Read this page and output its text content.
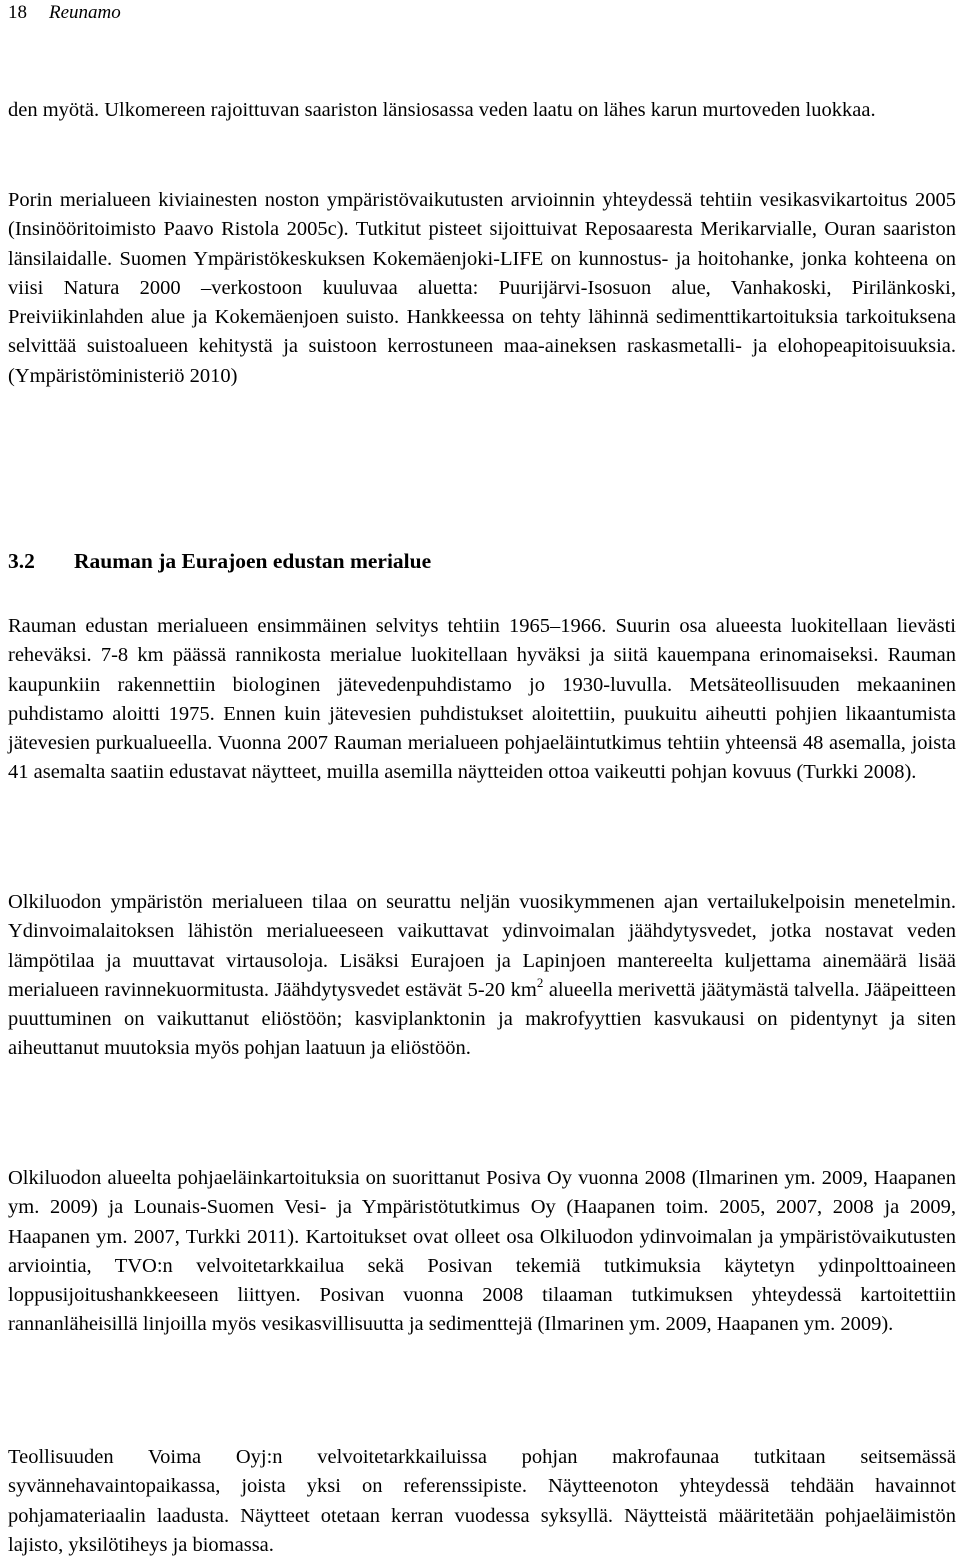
18 Reunamo

den myötä. Ulkomereen rajoittuvan saariston länsiosassa veden laatu on lähes karun murtoveden luokkaa.

Porin merialueen kiviainesten noston ympäristövaikutusten arvioinnin yhteydessä tehtiin vesikasvikartoitus 2005 (Insinööritoimisto Paavo Ristola 2005c). Tutkitut pisteet sijoittuivat Reposaaresta Merikarvialle, Ouran saariston länsilaidalle. Suomen Ympäristökeskuksen Kokemäenjoki-LIFE on kunnostus- ja hoitohanke, jonka kohteena on viisi Natura 2000 –verkostoon kuuluvaa aluetta: Puurijärvi-Isosuon alue, Vanhakoski, Pirilänkoski, Preiviikinlahden alue ja Kokemäenjoen suisto. Hankkeessa on tehty lähinnä sedimenttikartoituksia tarkoituksena selvittää suistoalueen kehitystä ja suistoon kerrostuneen maa-aineksen raskasmetalli- ja elohopeapitoisuuksia. (Ympäristöministeriö 2010)

3.2 Rauman ja Eurajoen edustan merialue

Rauman edustan merialueen ensimmäinen selvitys tehtiin 1965–1966. Suurin osa alueesta luokitellaan lievästi reheväksi. 7-8 km päässä rannikosta merialue luokitellaan hyväksi ja siitä kauempana erinomaiseksi. Rauman kaupunkiin rakennettiin biologinen jätevedenpuhdistamo jo 1930-luvulla. Metsäteollisuuden mekaaninen puhdistamo aloitti 1975. Ennen kuin jätevesien puhdistukset aloitettiin, puukuitu aiheutti pohjien likaantumista jätevesien purkualueella. Vuonna 2007 Rauman merialueen pohjaeläintutkimus tehtiin yhteensä 48 asemalla, joista 41 asemalta saatiin edustavat näytteet, muilla asemilla näytteiden ottoa vaikeutti pohjan kovuus (Turkki 2008).

Olkiluodon ympäristön merialueen tilaa on seurattu neljän vuosikymmenen ajan vertailukelpoisin menetelmin. Ydinvoimalaitoksen lähistön merialueeseen vaikuttavat ydinvoimalan jäähdytysvedet, jotka nostavat veden lämpötilaa ja muuttavat virtausoloja. Lisäksi Eurajoen ja Lapinjoen mantereelta kuljettama ainemäärä lisää merialueen ravinnekuormitusta. Jäähdytysvedet estävät 5-20 $km^2$ alueella merivettä jäätymästä talvella. Jääpeitteen puuttuminen on vaikuttanut eliöstöön; kasviplanktonin ja makrofyyttien kasvukausi on pidentynyt ja siten aiheuttanut muutoksia myös pohjan laatuun ja eliöstöön.

Olkiluodon alueelta pohjaeläinkartoituksia on suorittanut Posiva Oy vuonna 2008 (Ilmarinen ym. 2009, Haapanen ym. 2009) ja Lounais-Suomen Vesi- ja Ympäristötutkimus Oy (Haapanen toim. 2005, 2007, 2008 ja 2009, Haapanen ym. 2007, Turkki 2011). Kartoitukset ovat olleet osa Olkiluodon ydinvoimalan ja ympäristövaikutusten arviointia, TVO:n velvoitetarkkailua sekä Posivan tekemiä tutkimuksia käytetyn ydinpolttoaineen loppusijoitushankkeeseen liittyen. Posivan vuonna 2008 tilaaman tutkimuksen yhteydessä kartoitettiin rannanläheisillä linjoilla myös vesikasvillisuutta ja sedimenttejä (Ilmarinen ym. 2009, Haapanen ym. 2009).

Teollisuuden Voima Oyj:n velvoitetarkkailuissa pohjan makrofaunaa tutkitaan seitsemässä syvännehavaintopaikassa, joista yksi on referenssipiste. Näytteenoton yhteydessä tehdään havainnot pohjamateriaalin laadusta. Näytteet otetaan kerran vuodessa syksyllä. Näytteistä määritetään pohjaeläimistön lajisto, yksilötiheys ja biomassa.
